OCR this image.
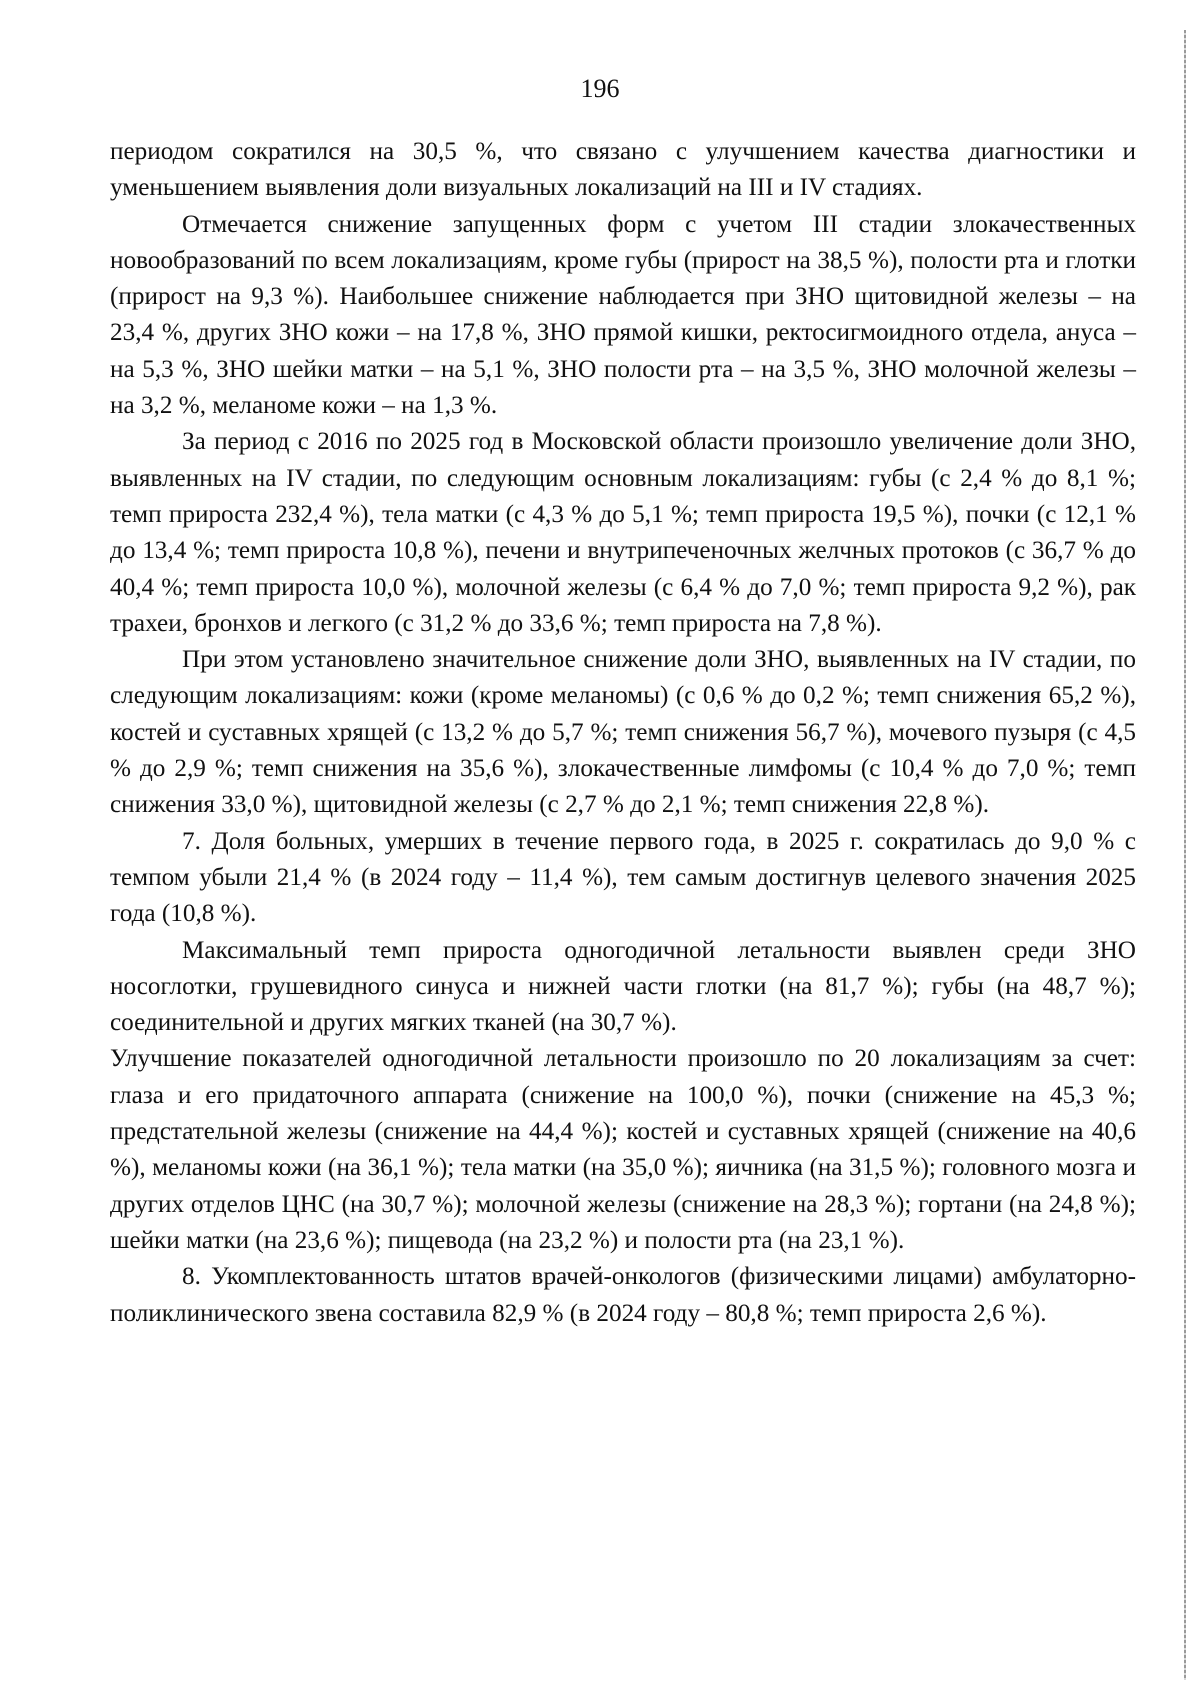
196

периодом сократился на 30,5 %, что связано с улучшением качества диагностики и уменьшением выявления доли визуальных локализаций на III и IV стадиях.

Отмечается снижение запущенных форм с учетом III стадии злокачественных новообразований по всем локализациям, кроме губы (прирост на 38,5 %), полости рта и глотки (прирост на 9,3 %). Наибольшее снижение наблюдается при ЗНО щитовидной железы – на 23,4 %, других ЗНО кожи – на 17,8 %, ЗНО прямой кишки, ректосигмоидного отдела, ануса – на 5,3 %, ЗНО шейки матки – на 5,1 %, ЗНО полости рта – на 3,5 %, ЗНО молочной железы – на 3,2 %, меланоме кожи – на 1,3 %.

За период с 2016 по 2025 год в Московской области произошло увеличение доли ЗНО, выявленных на IV стадии, по следующим основным локализациям: губы (с 2,4 % до 8,1 %; темп прироста 232,4 %), тела матки (с 4,3 % до 5,1 %; темп прироста 19,5 %), почки (с 12,1 % до 13,4 %; темп прироста 10,8 %), печени и внутрипеченочных желчных протоков (с 36,7 % до 40,4 %; темп прироста 10,0 %), молочной железы (с 6,4 % до 7,0 %; темп прироста 9,2 %), рак трахеи, бронхов и легкого (с 31,2 % до 33,6 %; темп прироста на 7,8 %).

При этом установлено значительное снижение доли ЗНО, выявленных на IV стадии, по следующим локализациям: кожи (кроме меланомы) (с 0,6 % до 0,2 %; темп снижения 65,2 %), костей и суставных хрящей (с 13,2 % до 5,7 %; темп снижения 56,7 %), мочевого пузыря (с 4,5 % до 2,9 %; темп снижения на 35,6 %), злокачественные лимфомы (с 10,4 % до 7,0 %; темп снижения 33,0 %), щитовидной железы (с 2,7 % до 2,1 %; темп снижения 22,8 %).

7. Доля больных, умерших в течение первого года, в 2025 г. сократилась до 9,0 % с темпом убыли 21,4 % (в 2024 году – 11,4 %), тем самым достигнув целевого значения 2025 года (10,8 %).

Максимальный темп прироста одногодичной летальности выявлен среди ЗНО носоглотки, грушевидного синуса и нижней части глотки (на 81,7 %); губы (на 48,7 %); соединительной и других мягких тканей (на 30,7 %).

Улучшение показателей одногодичной летальности произошло по 20 локализациям за счет: глаза и его придаточного аппарата (снижение на 100,0 %), почки (снижение на 45,3 %; предстательной железы (снижение на 44,4 %); костей и суставных хрящей (снижение на 40,6 %), меланомы кожи (на 36,1 %); тела матки (на 35,0 %); яичника (на 31,5 %); головного мозга и других отделов ЦНС (на 30,7 %); молочной железы (снижение на 28,3 %); гортани (на 24,8 %); шейки матки (на 23,6 %); пищевода (на 23,2 %) и полости рта (на 23,1 %).

8. Укомплектованность штатов врачей-онкологов (физическими лицами) амбулаторно-поликлинического звена составила 82,9 % (в 2024 году – 80,8 %; темп прироста 2,6 %).
